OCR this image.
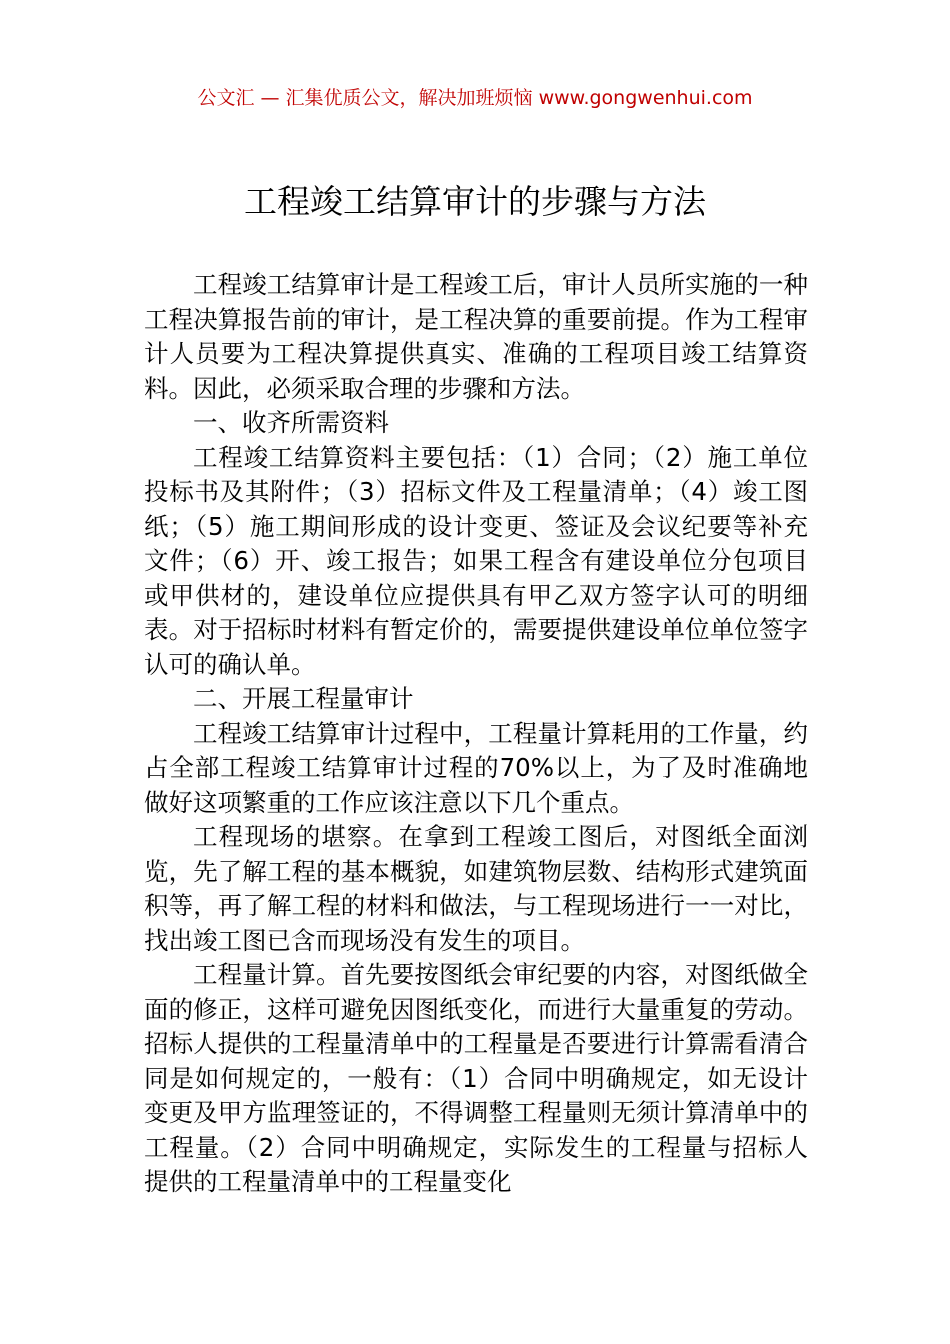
公文汇 — 汇集优质公文，解决加班烦恼 www.gongwenhui.com
工程竣工结算审计的步骤与方法

工程竣工结算审计是工程竣工后，审计人员所实施的一种工程决算报告前的审计，是工程决算的重要前提。作为工程审计人员要为工程决算提供真实、准确的工程项目竣工结算资料。因此，必须采取合理的步骤和方法。

一、收齐所需资料

工程竣工结算资料主要包括：（1）合同；（2）施工单位投标书及其附件；（3）招标文件及工程量清单；（4）竣工图纸；（5）施工期间形成的设计变更、签证及会议纪要等补充文件；（6）开、竣工报告；如果工程含有建设单位分包项目或甲供材的，建设单位应提供具有甲乙双方签字认可的明细表。对于招标时材料有暂定价的，需要提供建设单位单位签字认可的确认单。

二、开展工程量审计

工程竣工结算审计过程中，工程量计算耗用的工作量，约占全部工程竣工结算审计过程的70%以上，为了及时准确地做好这项繁重的工作应该注意以下几个重点。

工程现场的堪察。在拿到工程竣工图后，对图纸全面浏览，先了解工程的基本概貌，如建筑物层数、结构形式建筑面积等，再了解工程的材料和做法，与工程现场进行一一对比，找出竣工图已含而现场没有发生的项目。

工程量计算。首先要按图纸会审纪要的内容，对图纸做全面的修正，这样可避免因图纸变化，而进行大量重复的劳动。招标人提供的工程量清单中的工程量是否要进行计算需看清合同是如何规定的，一般有：（1）合同中明确规定，如无设计变更及甲方监理签证的，不得调整工程量则无须计算清单中的工程量。（2）合同中明确规定，实际发生的工程量与招标人提供的工程量清单中的工程量变化
